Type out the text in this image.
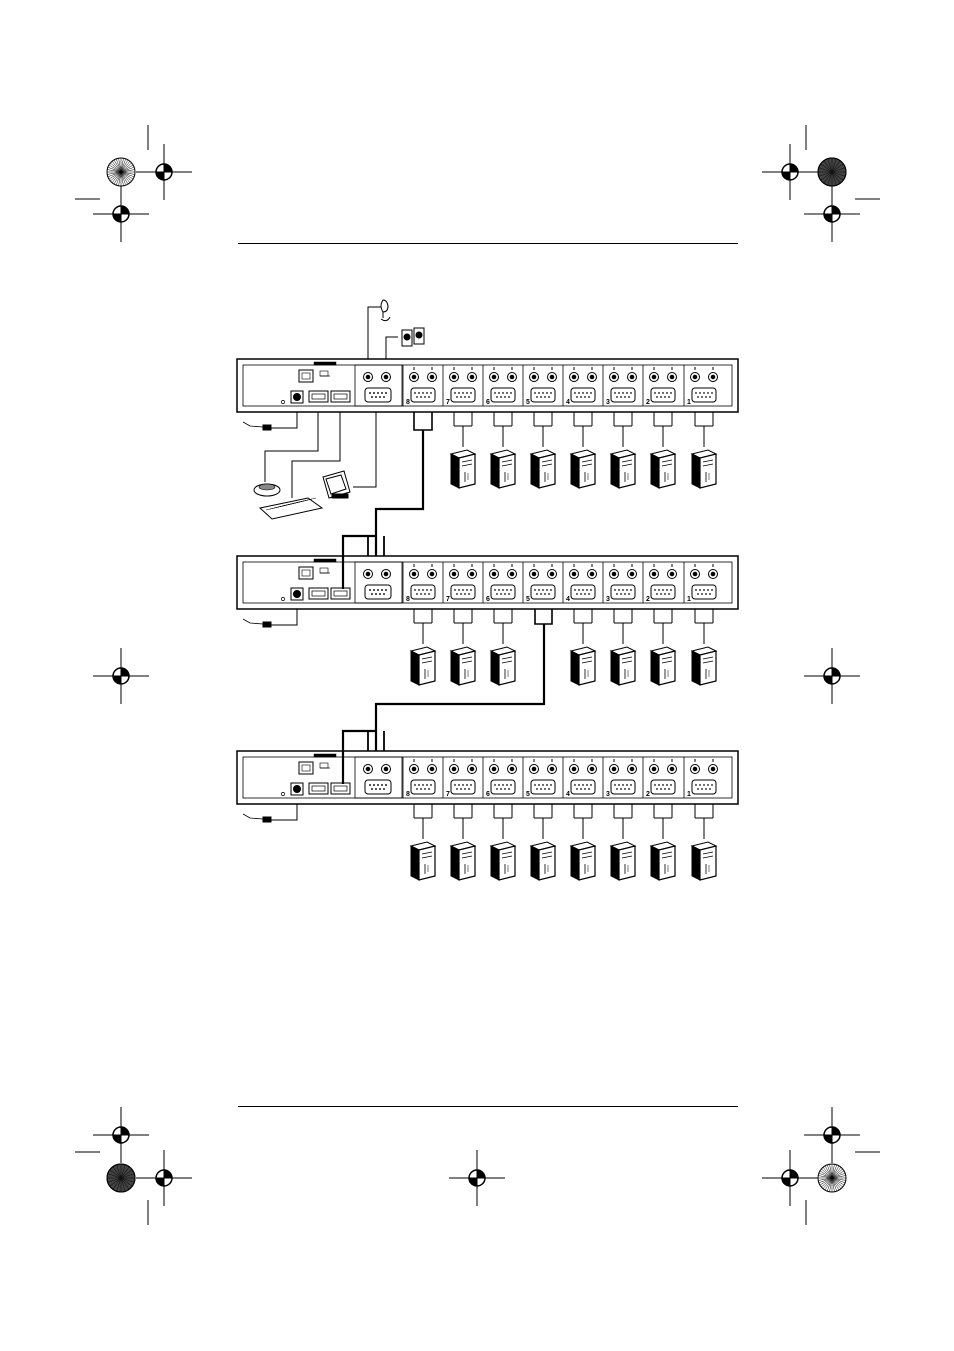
8	7	6	5	4	3	2	1
8	7	6	5	4	3	2	1
8	7	6	5	4	3	2	1
